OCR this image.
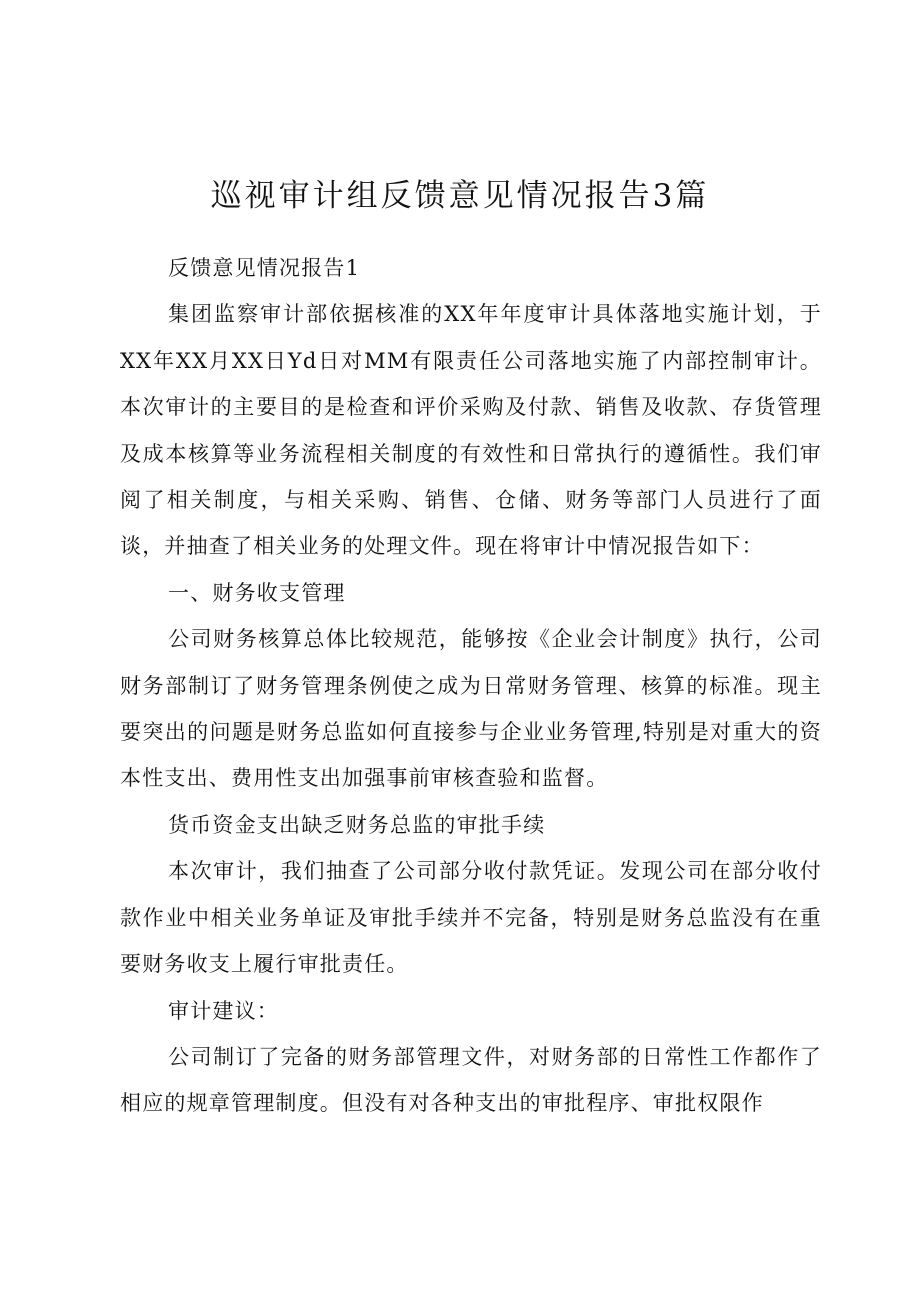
巡视审计组反馈意见情况报告3篇

反馈意见情况报告1

集团监察审计部依据核准的XX年年度审计具体落地实施计划，于XX年XX月XX日Yd日对MM有限责任公司落地实施了内部控制审计。本次审计的主要目的是检查和评价采购及付款、销售及收款、存货管理及成本核算等业务流程相关制度的有效性和日常执行的遵循性。我们审阅了相关制度，与相关采购、销售、仓储、财务等部门人员进行了面谈，并抽查了相关业务的处理文件。现在将审计中情况报告如下：

一、财务收支管理

公司财务核算总体比较规范，能够按《企业会计制度》执行，公司财务部制订了财务管理条例使之成为日常财务管理、核算的标准。现主要突出的问题是财务总监如何直接参与企业业务管理,特别是对重大的资本性支出、费用性支出加强事前审核查验和监督。

货币资金支出缺乏财务总监的审批手续

本次审计，我们抽查了公司部分收付款凭证。发现公司在部分收付款作业中相关业务单证及审批手续并不完备，特别是财务总监没有在重要财务收支上履行审批责任。

审计建议：

公司制订了完备的财务部管理文件，对财务部的日常性工作都作了相应的规章管理制度。但没有对各种支出的审批程序、审批权限作
